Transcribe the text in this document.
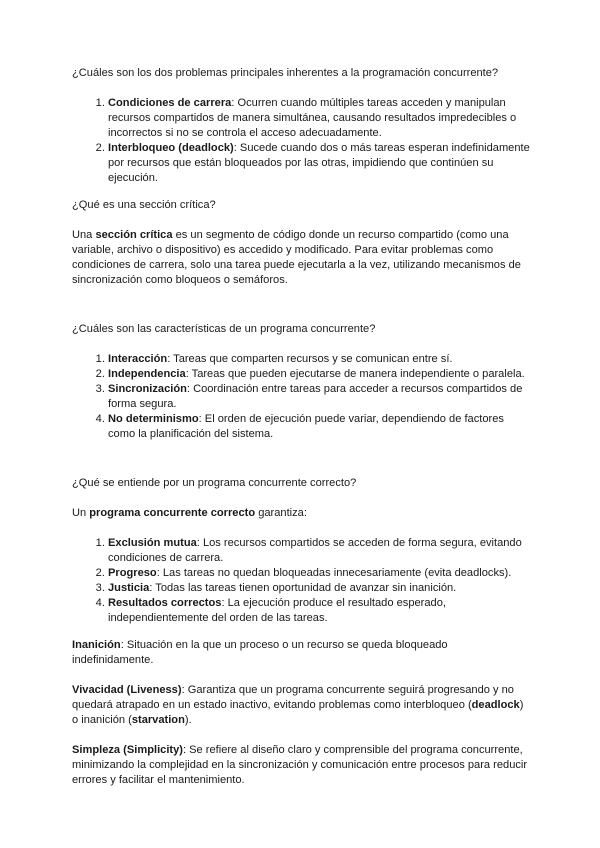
¿Cuáles son los dos problemas principales inherentes a la programación concurrente?

1. Condiciones de carrera: Ocurren cuando múltiples tareas acceden y manipulan recursos compartidos de manera simultánea, causando resultados impredecibles o incorrectos si no se controla el acceso adecuadamente.
2. Interbloqueo (deadlock): Sucede cuando dos o más tareas esperan indefinidamente por recursos que están bloqueados por las otras, impidiendo que continúen su ejecución.

¿Qué es una sección crítica?

Una sección crítica es un segmento de código donde un recurso compartido (como una variable, archivo o dispositivo) es accedido y modificado. Para evitar problemas como condiciones de carrera, solo una tarea puede ejecutarla a la vez, utilizando mecanismos de sincronización como bloqueos o semáforos.

¿Cuáles son las características de un programa concurrente?

1. Interacción: Tareas que comparten recursos y se comunican entre sí.
2. Independencia: Tareas que pueden ejecutarse de manera independiente o paralela.
3. Sincronización: Coordinación entre tareas para acceder a recursos compartidos de forma segura.
4. No determinismo: El orden de ejecución puede variar, dependiendo de factores como la planificación del sistema.

¿Qué se entiende por un programa concurrente correcto?

Un programa concurrente correcto garantiza:

1. Exclusión mutua: Los recursos compartidos se acceden de forma segura, evitando condiciones de carrera.
2. Progreso: Las tareas no quedan bloqueadas innecesariamente (evita deadlocks).
3. Justicia: Todas las tareas tienen oportunidad de avanzar sin inanición.
4. Resultados correctos: La ejecución produce el resultado esperado, independientemente del orden de las tareas.

Inanición: Situación en la que un proceso o un recurso se queda bloqueado indefinidamente.

Vivacidad (Liveness): Garantiza que un programa concurrente seguirá progresando y no quedará atrapado en un estado inactivo, evitando problemas como interbloqueo (deadlock) o inanición (starvation).

Simpleza (Simplicity): Se refiere al diseño claro y comprensible del programa concurrente, minimizando la complejidad en la sincronización y comunicación entre procesos para reducir errores y facilitar el mantenimiento.
